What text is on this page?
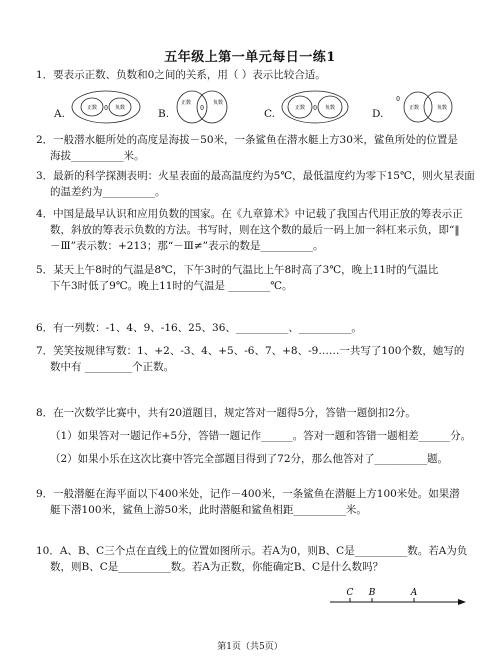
五年级上第一单元每日一练1
1．要表示正数、负数和0之间的关系，用（ ）表示比较合适。
A.	0
正数	负数	B.
正数
0
负数
C.	正数 0 负数	D.
0
正数	负数
2．一般潜水艇所处的高度是海拔－50米，一条鲨鱼在潜水艇上方30米，鲨鱼所处的位置是
海拔__________米。
3．最新的科学探测表明：火星表面的最高温度约为5℃，最低温度约为零下15℃，则火星表面
的温差约为__________。
4．中国是最早认识和应用负数的国家。在《九章算术》中记载了我国古代用正放的筹表示正
数，斜放的筹表示负数的方法。书写时，则在这个数的最后一码上加一斜杠来示负，即“‖
－Ⅲ”表示数：+213；那“－Ⅲ≠”表示的数是__________。
5．某天上午8时的气温是8℃，下午3时的气温比上午8时高了3℃，晚上11时的气温比
下午3时低了9℃。晚上11时的气温是 ________℃。
6．有一列数：-1、4、9、-16、25、36、__________、__________。
7．笑笑按规律写数：1、+2、-3、4、+5、-6、7、+8、-9……一共写了100个数，她写的
数中有 _________个正数。
8．在一次数学比赛中，共有20道题目，规定答对一题得5分，答错一题倒扣2分。
（1）如果答对一题记作+5分，答错一题记作______。答对一题和答错一题相差______分。
（2）如果小乐在这次比赛中答完全部题目得到了72分，那么他答对了__________题。
9．一般潜艇在海平面以下400米处，记作－400米，一条鲨鱼在潜艇上方100米处。如果潜
艇下潜100米，鲨鱼上游50米，此时潜艇和鲨鱼相距__________米。
10．A、B、C三个点在直线上的位置如图所示。若A为0，则B、C是__________数。若A为负
数，则B、C是__________数。若A为正数，你能确定B、C是什么数吗？
C B	A
第1页（共5页）
